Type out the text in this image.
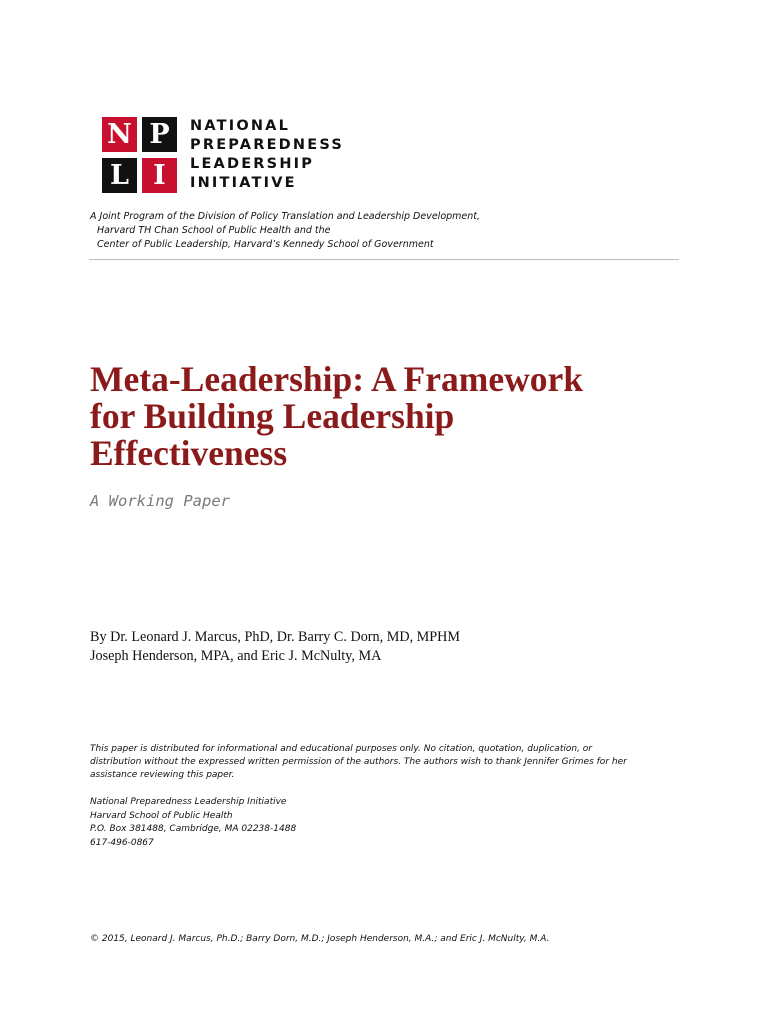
N P
L I
NATIONAL
PREPAREDNESS
LEADERSHIP
INITIATIVE
A Joint Program of the Division of Policy Translation and Leadership Development,
Harvard TH Chan School of Public Health and the
Center of Public Leadership, Harvard’s Kennedy School of Government
Meta-Leadership: A Framework
for Building Leadership
Effectiveness
A Working Paper
By Dr. Leonard J. Marcus, PhD, Dr. Barry C. Dorn, MD, MPHM
Joseph Henderson, MPA, and Eric J. McNulty, MA
This paper is distributed for informational and educational purposes only. No citation, quotation, duplication, or
distribution without the expressed written permission of the authors. The authors wish to thank Jennifer Grimes for her
assistance reviewing this paper.
National Preparedness Leadership Initiative
Harvard School of Public Health
P.O. Box 381488, Cambridge, MA 02238-1488
617-496-0867
© 2015, Leonard J. Marcus, Ph.D.; Barry Dorn, M.D.; Joseph Henderson, M.A.; and Eric J. McNulty, M.A.
